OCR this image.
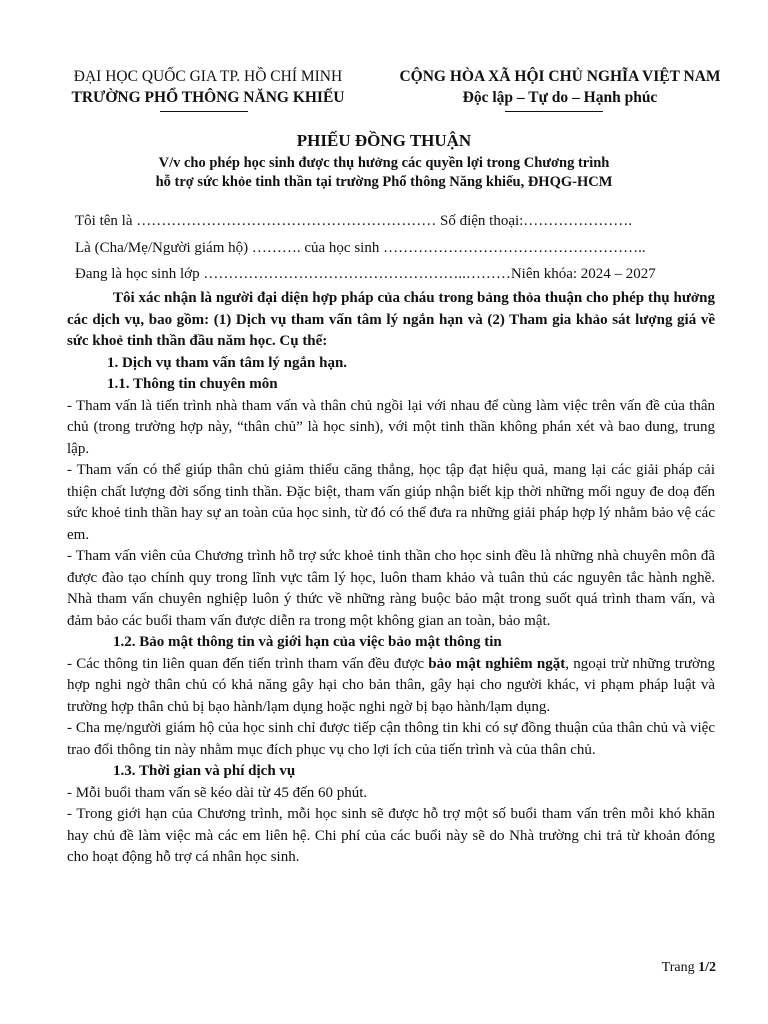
ĐẠI HỌC QUỐC GIA TP. HỒ CHÍ MINH
TRƯỜNG PHỔ THÔNG NĂNG KHIẾU
CỘNG HÒA XÃ HỘI CHỦ NGHĨA VIỆT NAM
Độc lập – Tự do – Hạnh phúc
PHIẾU ĐỒNG THUẬN
V/v cho phép học sinh được thụ hưởng các quyền lợi trong Chương trình
hỗ trợ sức khỏe tinh thần tại trường Phổ thông Năng khiếu, ĐHQG-HCM
Tôi tên là …………………………………………………… Số điện thoại:………………….
Là (Cha/Mẹ/Người giám hộ) ………. của học sinh ……………………………………………..
Đang là học sinh lớp ……………………………………………..………Niên khóa: 2024 – 2027

Tôi xác nhận là người đại diện hợp pháp của cháu trong bảng thỏa thuận cho phép thụ hưởng các dịch vụ, bao gồm: (1) Dịch vụ tham vấn tâm lý ngắn hạn và (2) Tham gia khảo sát lượng giá về sức khoẻ tinh thần đầu năm học. Cụ thể:

1. Dịch vụ tham vấn tâm lý ngắn hạn.

1.1. Thông tin chuyên môn

- Tham vấn là tiến trình nhà tham vấn và thân chủ ngồi lại với nhau để cùng làm việc trên vấn đề của thân chủ (trong trường hợp này, “thân chủ” là học sinh), với một tinh thần không phán xét và bao dung, trung lập.

- Tham vấn có thể giúp thân chủ giảm thiểu căng thẳng, học tập đạt hiệu quả, mang lại các giải pháp cải thiện chất lượng đời sống tinh thần. Đặc biệt, tham vấn giúp nhận biết kịp thời những mối nguy đe doạ đến sức khoẻ tinh thần hay sự an toàn của học sinh, từ đó có thể đưa ra những giải pháp hợp lý nhằm bảo vệ các em.

- Tham vấn viên của Chương trình hỗ trợ sức khoẻ tinh thần cho học sinh đều là những nhà chuyên môn đã được đào tạo chính quy trong lĩnh vực tâm lý học, luôn tham khảo và tuân thủ các nguyên tắc hành nghề. Nhà tham vấn chuyên nghiệp luôn ý thức về những ràng buộc bảo mật trong suốt quá trình tham vấn, và đảm bảo các buổi tham vấn được diễn ra trong một không gian an toàn, bảo mật.

1.2. Bảo mật thông tin và giới hạn của việc bảo mật thông tin

- Các thông tin liên quan đến tiến trình tham vấn đều được bảo mật nghiêm ngặt, ngoại trừ những trường hợp nghi ngờ thân chủ có khả năng gây hại cho bản thân, gây hại cho người khác, vi phạm pháp luật và trường hợp thân chủ bị bạo hành/lạm dụng hoặc nghi ngờ bị bạo hành/lạm dụng.

- Cha mẹ/người giám hộ của học sinh chỉ được tiếp cận thông tin khi có sự đồng thuận của thân chủ và việc trao đổi thông tin này nhằm mục đích phục vụ cho lợi ích của tiến trình và của thân chủ.

1.3. Thời gian và phí dịch vụ

- Mỗi buổi tham vấn sẽ kéo dài từ 45 đến 60 phút.

- Trong giới hạn của Chương trình, mỗi học sinh sẽ được hỗ trợ một số buổi tham vấn trên mỗi khó khăn hay chủ đề làm việc mà các em liên hệ. Chi phí của các buổi này sẽ do Nhà trường chi trả từ khoản đóng cho hoạt động hỗ trợ cá nhân học sinh.

Trang 1/2
